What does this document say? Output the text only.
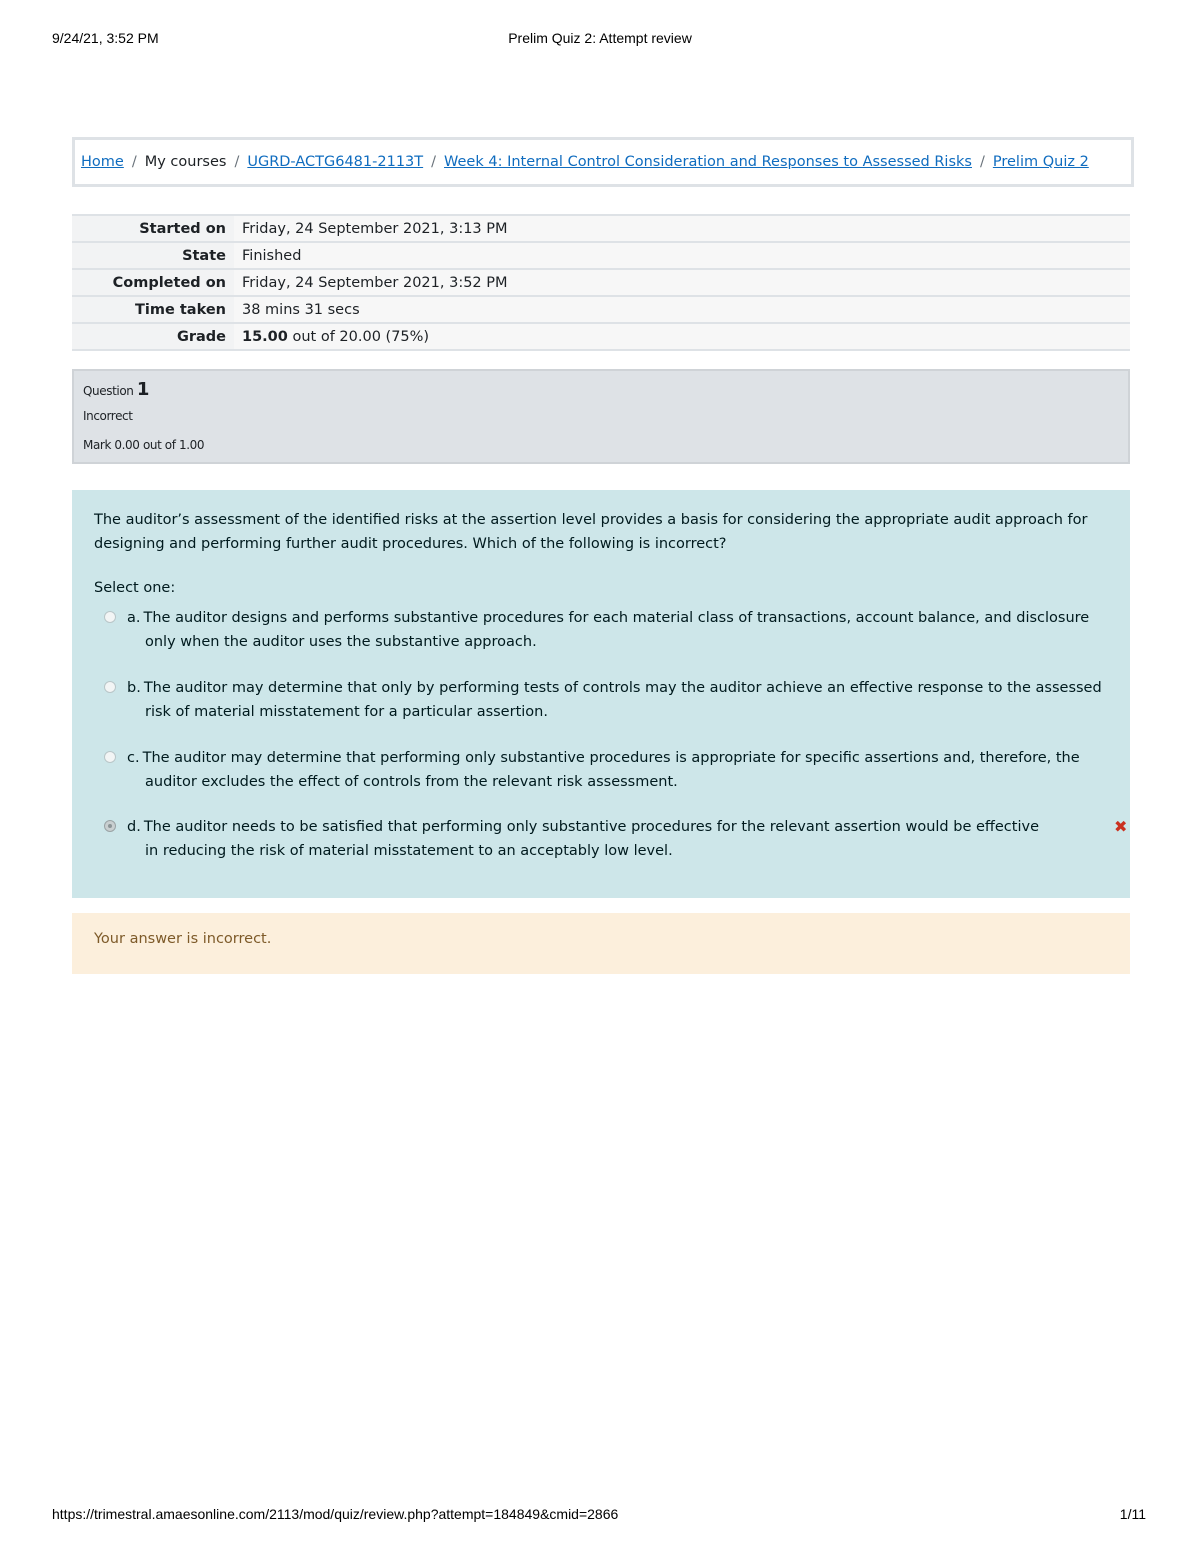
9/24/21, 3:52 PM	Prelim Quiz 2: Attempt review
Home / My courses / UGRD-ACTG6481-2113T / Week 4: Internal Control Consideration and Responses to Assessed Risks / Prelim Quiz 2
Started on	Friday, 24 September 2021, 3:13 PM
State	Finished
Completed on	Friday, 24 September 2021, 3:52 PM
Time taken	38 mins 31 secs
Grade	15.00 out of 20.00 (75%)
Question 1
Incorrect
Mark 0.00 out of 1.00
The auditor’s assessment of the identified risks at the assertion level provides a basis for considering the appropriate audit approach for designing and performing further audit procedures. Which of the following is incorrect?
Select one:
a. The auditor designs and performs substantive procedures for each material class of transactions, account balance, and disclosure only when the auditor uses the substantive approach.
b. The auditor may determine that only by performing tests of controls may the auditor achieve an effective response to the assessed risk of material misstatement for a particular assertion.
c. The auditor may determine that performing only substantive procedures is appropriate for specific assertions and, therefore, the auditor excludes the effect of controls from the relevant risk assessment.
d. The auditor needs to be satisfied that performing only substantive procedures for the relevant assertion would be effective in reducing the risk of material misstatement to an acceptably low level.
✖
Your answer is incorrect.
https://trimestral.amaesonline.com/2113/mod/quiz/review.php?attempt=184849&cmid=2866	1/11
